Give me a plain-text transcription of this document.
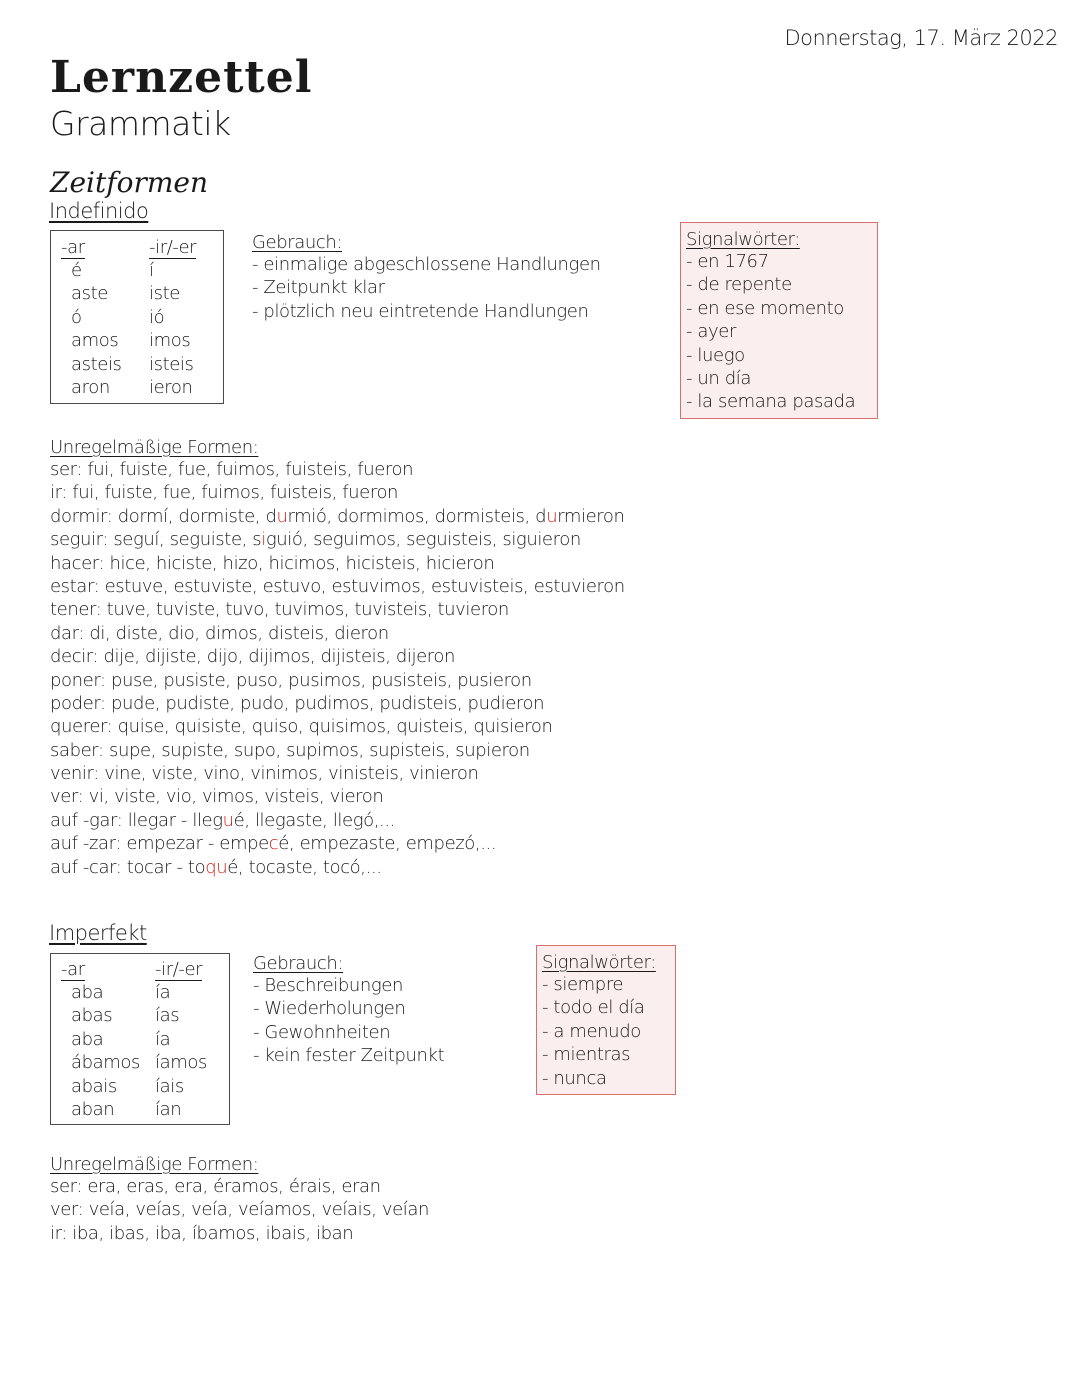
Donnerstag, 17. März 2022
Lernzettel
Grammatik
Zeitformen
Indefinido
-ar	-ir/-er
é	í
aste	iste
ó	ió
amos	imos
asteis	isteis
aron	ieron
Gebrauch:
- einmalige abgeschlossene Handlungen
- Zeitpunkt klar
- plötzlich neu eintretende Handlungen
Signalwörter:
- en 1767
- de repente
- en ese momento
- ayer
- luego
- un día
- la semana pasada
Unregelmäßige Formen:
ser: fui, fuiste, fue, fuimos, fuisteis, fueron
ir: fui, fuiste, fue, fuimos, fuisteis, fueron
dormir: dormí, dormiste, durmió, dormimos, dormisteis, durmieron
seguir: seguí, seguiste, siguió, seguimos, seguisteis, siguieron
hacer: hice, hiciste, hizo, hicimos, hicisteis, hicieron
estar: estuve, estuviste, estuvo, estuvimos, estuvisteis, estuvieron
tener: tuve, tuviste, tuvo, tuvimos, tuvisteis, tuvieron
dar: di, diste, dio, dimos, disteis, dieron
decir: dije, dijiste, dijo, dijimos, dijisteis, dijeron
poner: puse, pusiste, puso, pusimos, pusisteis, pusieron
poder: pude, pudiste, pudo, pudimos, pudisteis, pudieron
querer: quise, quisiste, quiso, quisimos, quisteis, quisieron
saber: supe, supiste, supo, supimos, supisteis, supieron
venir: vine, viste, vino, vinimos, vinisteis, vinieron
ver: vi, viste, vio, vimos, visteis, vieron
auf -gar: llegar - llegué, llegaste, llegó,...
auf -zar: empezar - empecé, empezaste, empezó,...
auf -car: tocar - toqué, tocaste, tocó,...
Imperfekt
-ar	-ir/-er
aba	ía
abas	ías
aba	ía
ábamos	íamos
abais	íais
aban	ían
Gebrauch:
- Beschreibungen
- Wiederholungen
- Gewohnheiten
- kein fester Zeitpunkt
Signalwörter:
- siempre
- todo el día
- a menudo
- mientras
- nunca
Unregelmäßige Formen:
ser: era, eras, era, éramos, érais, eran
ver: veía, veías, veía, veíamos, veíais, veían
ir: iba, ibas, iba, íbamos, ibais, iban
